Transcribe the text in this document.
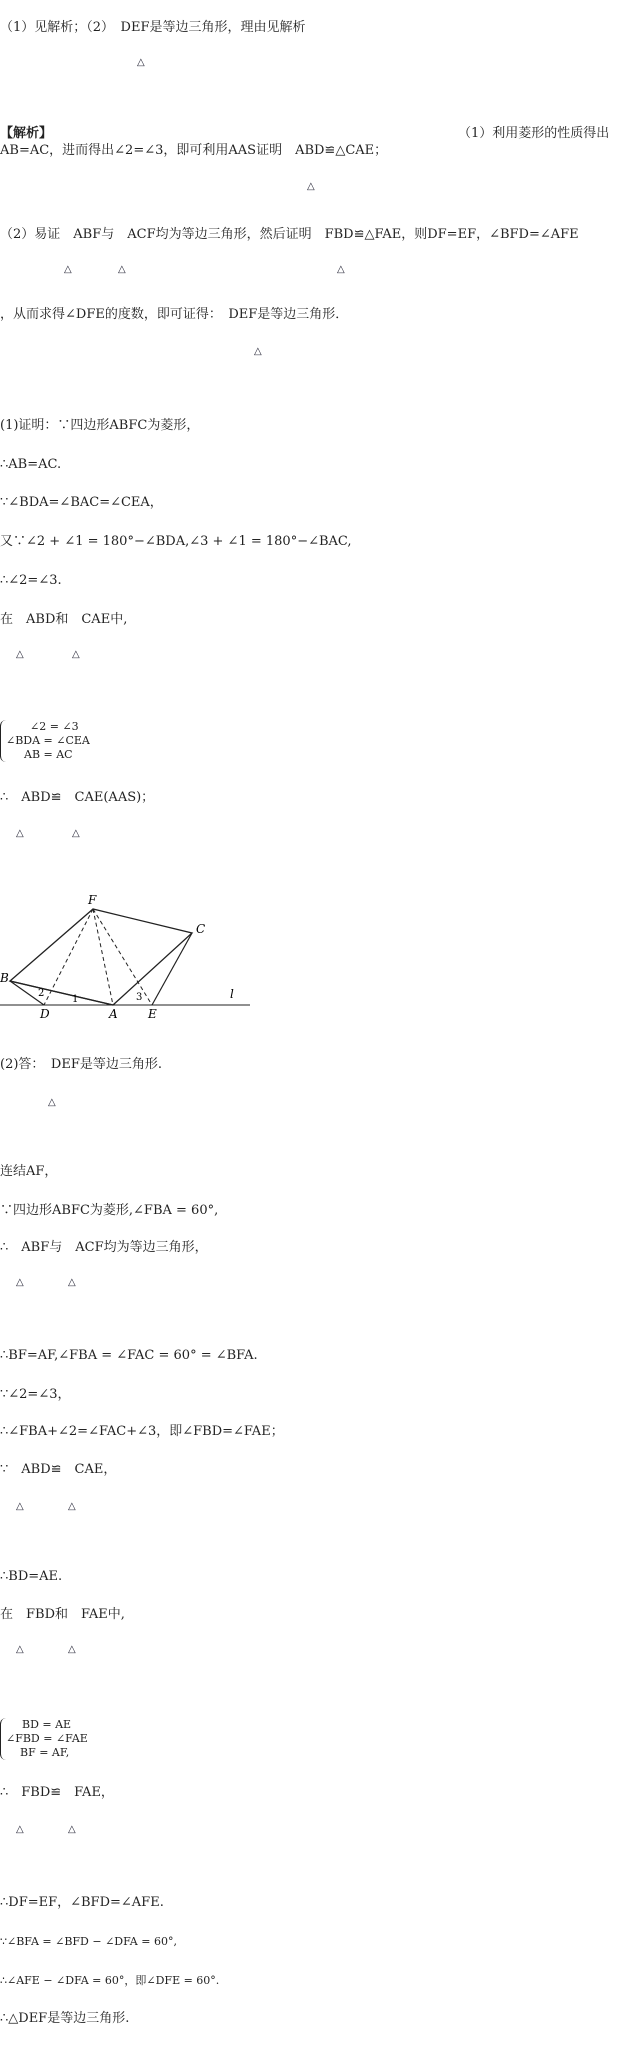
（1）见解析；（2）　DEF是等边三角形，理由见解析
△
【解析】	（1）利用菱形的性质得出
AB=AC，进而得出∠2=∠3，即可利用AAS证明　ABD≌△CAE；
△
（2）易证　ABF与　ACF均为等边三角形，然后证明　FBD≌△FAE，则DF=EF，∠BFD=∠AFE
△	△	△
，从而求得∠DFE的度数，即可证得：　DEF是等边三角形．
△
(1)证明：∵四边形ABFC为菱形，
∴AB=AC.
∵∠BDA=∠BAC=∠CEA，
又∵∠2 + ∠1 = 180°−∠BDA,∠3 + ∠1 = 180°−∠BAC,
∴∠2=∠3.
在　ABD和　CAE中,
△	△
∠2 = ∠3
∠BDA = ∠CEA
AB = AC
∴　ABD≌　CAE(AAS)；
△	△
F
C
B
D	A	E
l
1
2	3
(2)答：　DEF是等边三角形.
△
连结AF，
∵四边形ABFC为菱形,∠FBA = 60°,
∴　ABF与　ACF均为等边三角形，
△	△
∴BF=AF,∠FBA = ∠FAC = 60° = ∠BFA.
∵∠2=∠3，
∴∠FBA+∠2=∠FAC+∠3，即∠FBD=∠FAE；
∵　ABD≌　CAE，
△	△
∴BD=AE.
在　FBD和　FAE中,
△	△
BD = AE
∠FBD = ∠FAE
BF = AF,
∴　FBD≌　FAE，
△	△
∴DF=EF，∠BFD=∠AFE.
∵∠BFA = ∠BFD − ∠DFA = 60°,
∴∠AFE − ∠DFA = 60°，即∠DFE = 60°.
∴△DEF是等边三角形.
